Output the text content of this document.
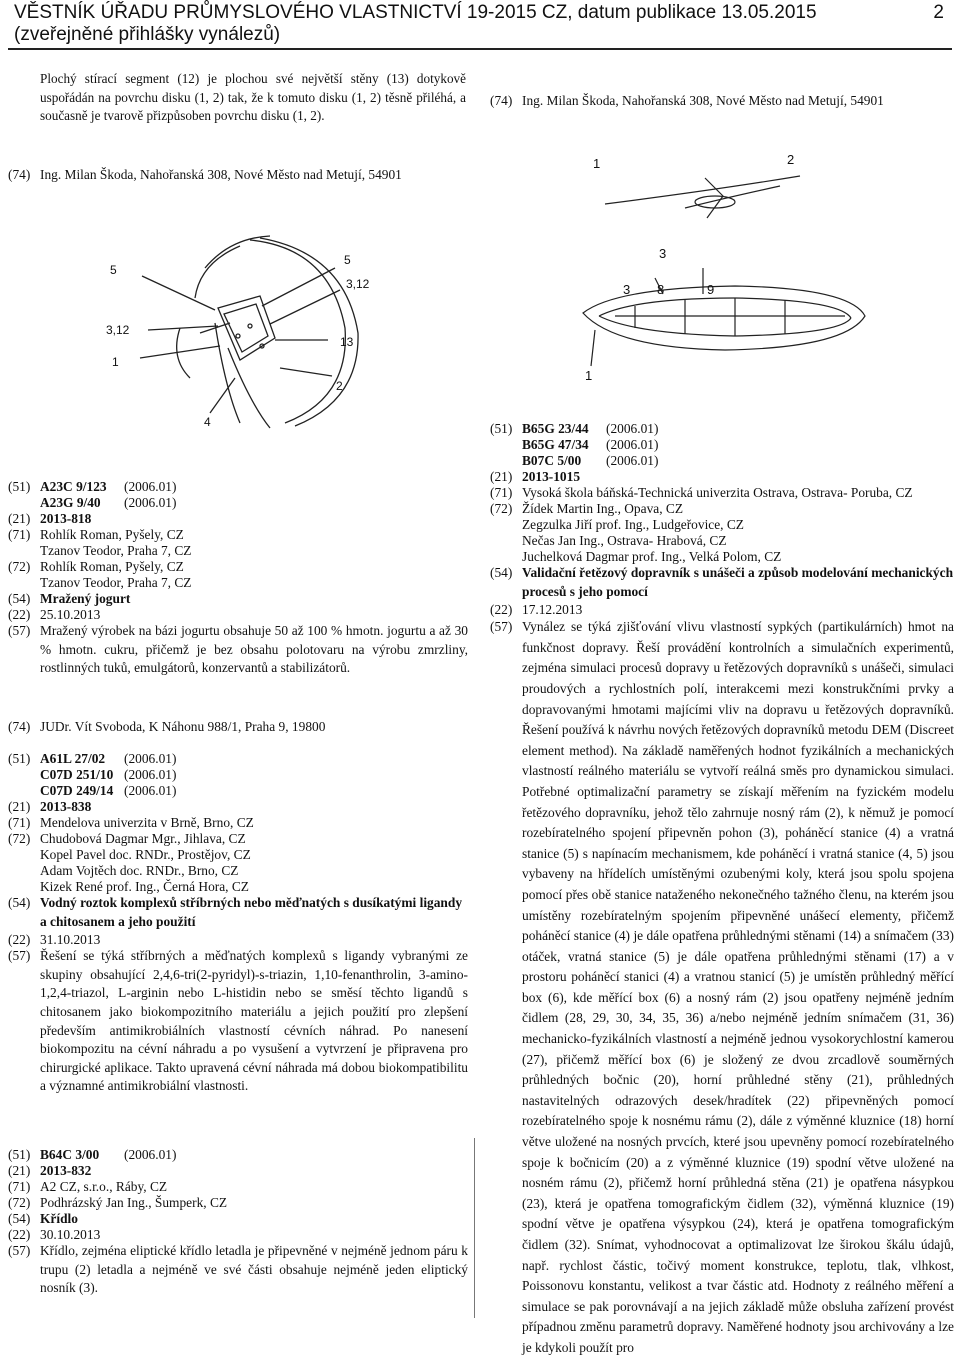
VĚSTNÍK ÚŘADU PRŮMYSLOVÉHO VLASTNICTVÍ 19-2015 CZ, datum publikace 13.05.2015
(zveřejněné přihlášky vynálezů)
2
Plochý stírací segment (12) je plochou své největší stěny (13) dotykově uspořádán na povrchu disku (1, 2) tak, že k tomuto disku (1, 2) těsně přiléhá, a současně je tvarově přizpůsoben povrchu disku (1, 2).
(74) Ing. Milan Škoda, Nahořanská 308, Nové Město nad Metují, 54901
(74) Ing. Milan Škoda, Nahořanská 308, Nové Město nad Metují, 54901
5
5
3,12
3,12
1
13
2
4
1	2
3
3 8	9
1
(51) A23C 9/123 (2006.01)
A23G 9/40 (2006.01)
(21) 2013-818
(71) Rohlík Roman, Pyšely, CZ
Tzanov Teodor, Praha 7, CZ
(72) Rohlík Roman, Pyšely, CZ
Tzanov Teodor, Praha 7, CZ
(54) Mražený jogurt
(22) 25.10.2013
(57) Mražený výrobek na bázi jogurtu obsahuje 50 až 100 % hmotn. jogurtu a až 30 % hmotn. cukru, přičemž je bez obsahu polotovaru na výrobu zmrzliny, rostlinných tuků, emulgátorů, konzervantů a stabilizátorů.
(74) JUDr. Vít Svoboda, K Náhonu 988/1, Praha 9, 19800
(51) A61L 27/02 (2006.01)
C07D 251/10 (2006.01)
C07D 249/14 (2006.01)
(21) 2013-838
(71) Mendelova univerzita v Brně, Brno, CZ
(72) Chudobová Dagmar Mgr., Jihlava, CZ
Kopel Pavel doc. RNDr., Prostějov, CZ
Adam Vojtěch doc. RNDr., Brno, CZ
Kizek René prof. Ing., Černá Hora, CZ
(54) Vodný roztok komplexů stříbrných nebo měďnatých s dusíkatými ligandy a chitosanem a jeho použití
(22) 31.10.2013
(57) Řešení se týká stříbrných a měďnatých komplexů s ligandy vybranými ze skupiny obsahující 2,4,6-tri(2-pyridyl)-s-triazin, 1,10-fenanthrolin, 3-amino-1,2,4-triazol, L-arginin nebo L-histidin nebo se směsí těchto ligandů s chitosanem jako biokompozitního materiálu a jejich použití pro zlepšení především antimikrobiálních vlastností cévních náhrad. Po nanesení biokompozitu na cévní náhradu a po vysušení a vytvrzení je připravena pro chirurgické aplikace. Takto upravená cévní náhrada má dobou biokompatibilitu a významné antimikrobiální vlastnosti.
(51) B64C 3/00 (2006.01)
(21) 2013-832
(71) A2 CZ, s.r.o., Ráby, CZ
(72) Podhrázský Jan Ing., Šumperk, CZ
(54) Křídlo
(22) 30.10.2013
(57) Křídlo, zejména eliptické křídlo letadla je připevněné v nejméně jednom páru k trupu (2) letadla a nejméně ve své části obsahuje nejméně jeden eliptický nosník (3).
(51) B65G 23/44 (2006.01)
B65G 47/34 (2006.01)
B07C 5/00 (2006.01)
(21) 2013-1015
(71) Vysoká škola báňská-Technická univerzita Ostrava, Ostrava- Poruba, CZ
(72) Žídek Martin Ing., Opava, CZ
Zegzulka Jiří prof. Ing., Ludgeřovice, CZ
Nečas Jan Ing., Ostrava- Hrabová, CZ
Juchelková Dagmar prof. Ing., Velká Polom, CZ
(54) Validační řetězový dopravník s unášeči a způsob modelování mechanických procesů s jeho pomocí
(22) 17.12.2013
(57) Vynález se týká zjišťování vlivu vlastností sypkých (partikulárních) hmot na funkčnost dopravy. Řeší provádění kontrolních a simulačních experimentů, zejména simulaci procesů dopravy u řetězových dopravníků s unášeči, simulaci proudových a rychlostních polí, interakcemi mezi konstrukčními prvky a dopravovanými hmotami majícími vliv na dopravu u řetězových dopravníků. Řešení používá k návrhu nových řetězových dopravníků metodu DEM (Discreet element method). Na základě naměřených hodnot fyzikálních a mechanických vlastností reálného materiálu se vytvoří reálná směs pro dynamickou simulaci. Potřebné optimalizační parametry se získají měřením na fyzickém modelu řetězového dopravníku, jehož tělo zahrnuje nosný rám (2), k němuž je pomocí rozebíratelného spojení připevněn pohon (3), poháněcí stanice (4) a vratná stanice (5) s napínacím mechanismem, kde poháněcí i vratná stanice (4, 5) jsou vybaveny na hřídelích umístěnými ozubenými koly, která jsou spolu spojena pomocí přes obě stanice nataženého nekonečného tažného členu, na kterém jsou umístěny rozebíratelným spojením připevněné unášecí elementy, přičemž poháněcí stanice (4) je dále opatřena průhlednými stěnami (14) a snímačem (33) otáček, vratná stanice (5) je dále opatřena průhlednými stěnami (17) a v prostoru poháněcí stanici (4) a vratnou stanicí (5) je umístěn průhledný měřící box (6), kde měřící box (6) a nosný rám (2) jsou opatřeny nejméně jedním čidlem (28, 29, 30, 34, 35, 36) a/nebo nejméně jedním snímačem (31, 36) mechanicko-fyzikálních vlastností a nejméně jednou vysokorychlostní kamerou (27), přičemž měřící box (6) je složený ze dvou zrcadlově souměrných průhledných bočnic (20), horní průhledné stěny (21), průhledných nastavitelných odrazových desek/hradítek (22) připevněných pomocí rozebíratelného spoje k nosnému rámu (2), dále z výměnné kluznice (18) horní větve uložené na nosných prvcích, které jsou upevněny pomocí rozebíratelného spoje k bočnicím (20) a z výměnné kluznice (19) spodní větve uložené na nosném rámu (2), přičemž horní průhledná stěna (21) je opatřena násypkou (23), která je opatřena tomografickým čidlem (32), výměnná kluznice (19) spodní větve je opatřena výsypkou (24), která je opatřena tomografickým čidlem (32). Snímat, vyhodnocovat a optimalizovat lze širokou škálu údajů, např. rychlost částic, točivý moment konstrukce, teplotu, tlak, vlhkost, Poissonovu konstantu, velikost a tvar částic atd. Hodnoty z reálného měření a simulace se pak porovnávají a na jejich základě může obsluha zařízení provést případnou změnu parametrů dopravy. Naměřené hodnoty jsou archivovány a lze je kdykoli použít pro
